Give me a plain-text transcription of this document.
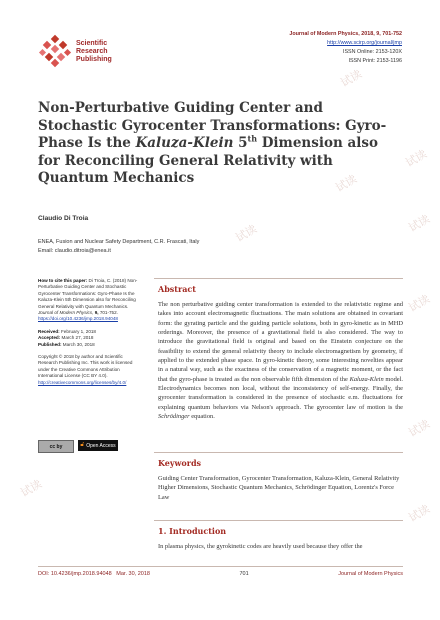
试读
试读
试读
试读	试读
试读
试读
试读
试读
Scientific
Research
Publishing
Journal of Modern Physics, 2018, 9, 701-752
http://www.scirp.org/journal/jmp
ISSN Online: 2153-120X
ISSN Print: 2153-1196
Non-Perturbative Guiding Center and Stochastic Gyrocenter Transformations: Gyro-Phase Is the Kaluza-Klein 5th Dimension also for Reconciling General Relativity with Quantum Mechanics
Claudio Di Troia
ENEA, Fusion and Nuclear Safety Department, C.R. Frascati, Italy
Email: claudio.ditroia@enea.it
How to cite this paper: Di Troia, C. (2018) Non-Perturbative Guiding Center and Stochastic Gyrocenter Transformations: Gyro-Phase Is the Kaluza-Klein 5th Dimension also for Reconciling General Relativity with Quantum Mechanics. Journal of Modern Physics, 9, 701-752.
https://doi.org/10.4236/jmp.2018.94048
Received: February 1, 2018
Accepted: March 27, 2018
Published: March 30, 2018
Copyright © 2018 by author and Scientific Research Publishing Inc. This work is licensed under the Creative Commons Attribution International License (CC BY 4.0).
http://creativecommons.org/licenses/by/4.0/
cc by	🔓︎ Open Access
Abstract

The non perturbative guiding center transformation is extended to the relativistic regime and takes into account electromagnetic fluctuations. The main solutions are obtained in covariant form: the gyrating particle and the guiding particle solutions, both in gyro-kinetic as in MHD orderings. Moreover, the presence of a gravitational field is also considered. The way to introduce the gravitational field is original and based on the Einstein conjecture on the feasibility to extend the general relativity theory to include electromagnetism by geometry, if applied to the extended phase space. In gyro-kinetic theory, some interesting novelties appear in a natural way, such as the exactness of the conservation of a magnetic moment, or the fact that the gyro-phase is treated as the non observable fifth dimension of the Kaluza-Klein model. Electrodynamics becomes non local, without the inconsistency of self-energy. Finally, the gyrocenter transformation is considered in the presence of stochastic e.m. fluctuations for explaining quantum behaviors via Nelson's approach. The gyrocenter law of motion is the Schrödinger equation.

Keywords

Guiding Center Transformation, Gyrocenter Transformation, Kaluza-Klein, General Relativity Higher Dimensions, Stochastic Quantum Mechanics, Schrödinger Equation, Lorentz's Force Law

1. Introduction

In plasma physics, the gyrokinetic codes are heavily used because they offer the

DOI: 10.4236/jmp.2018.94048 Mar. 30, 2018	701	Journal of Modern Physics
